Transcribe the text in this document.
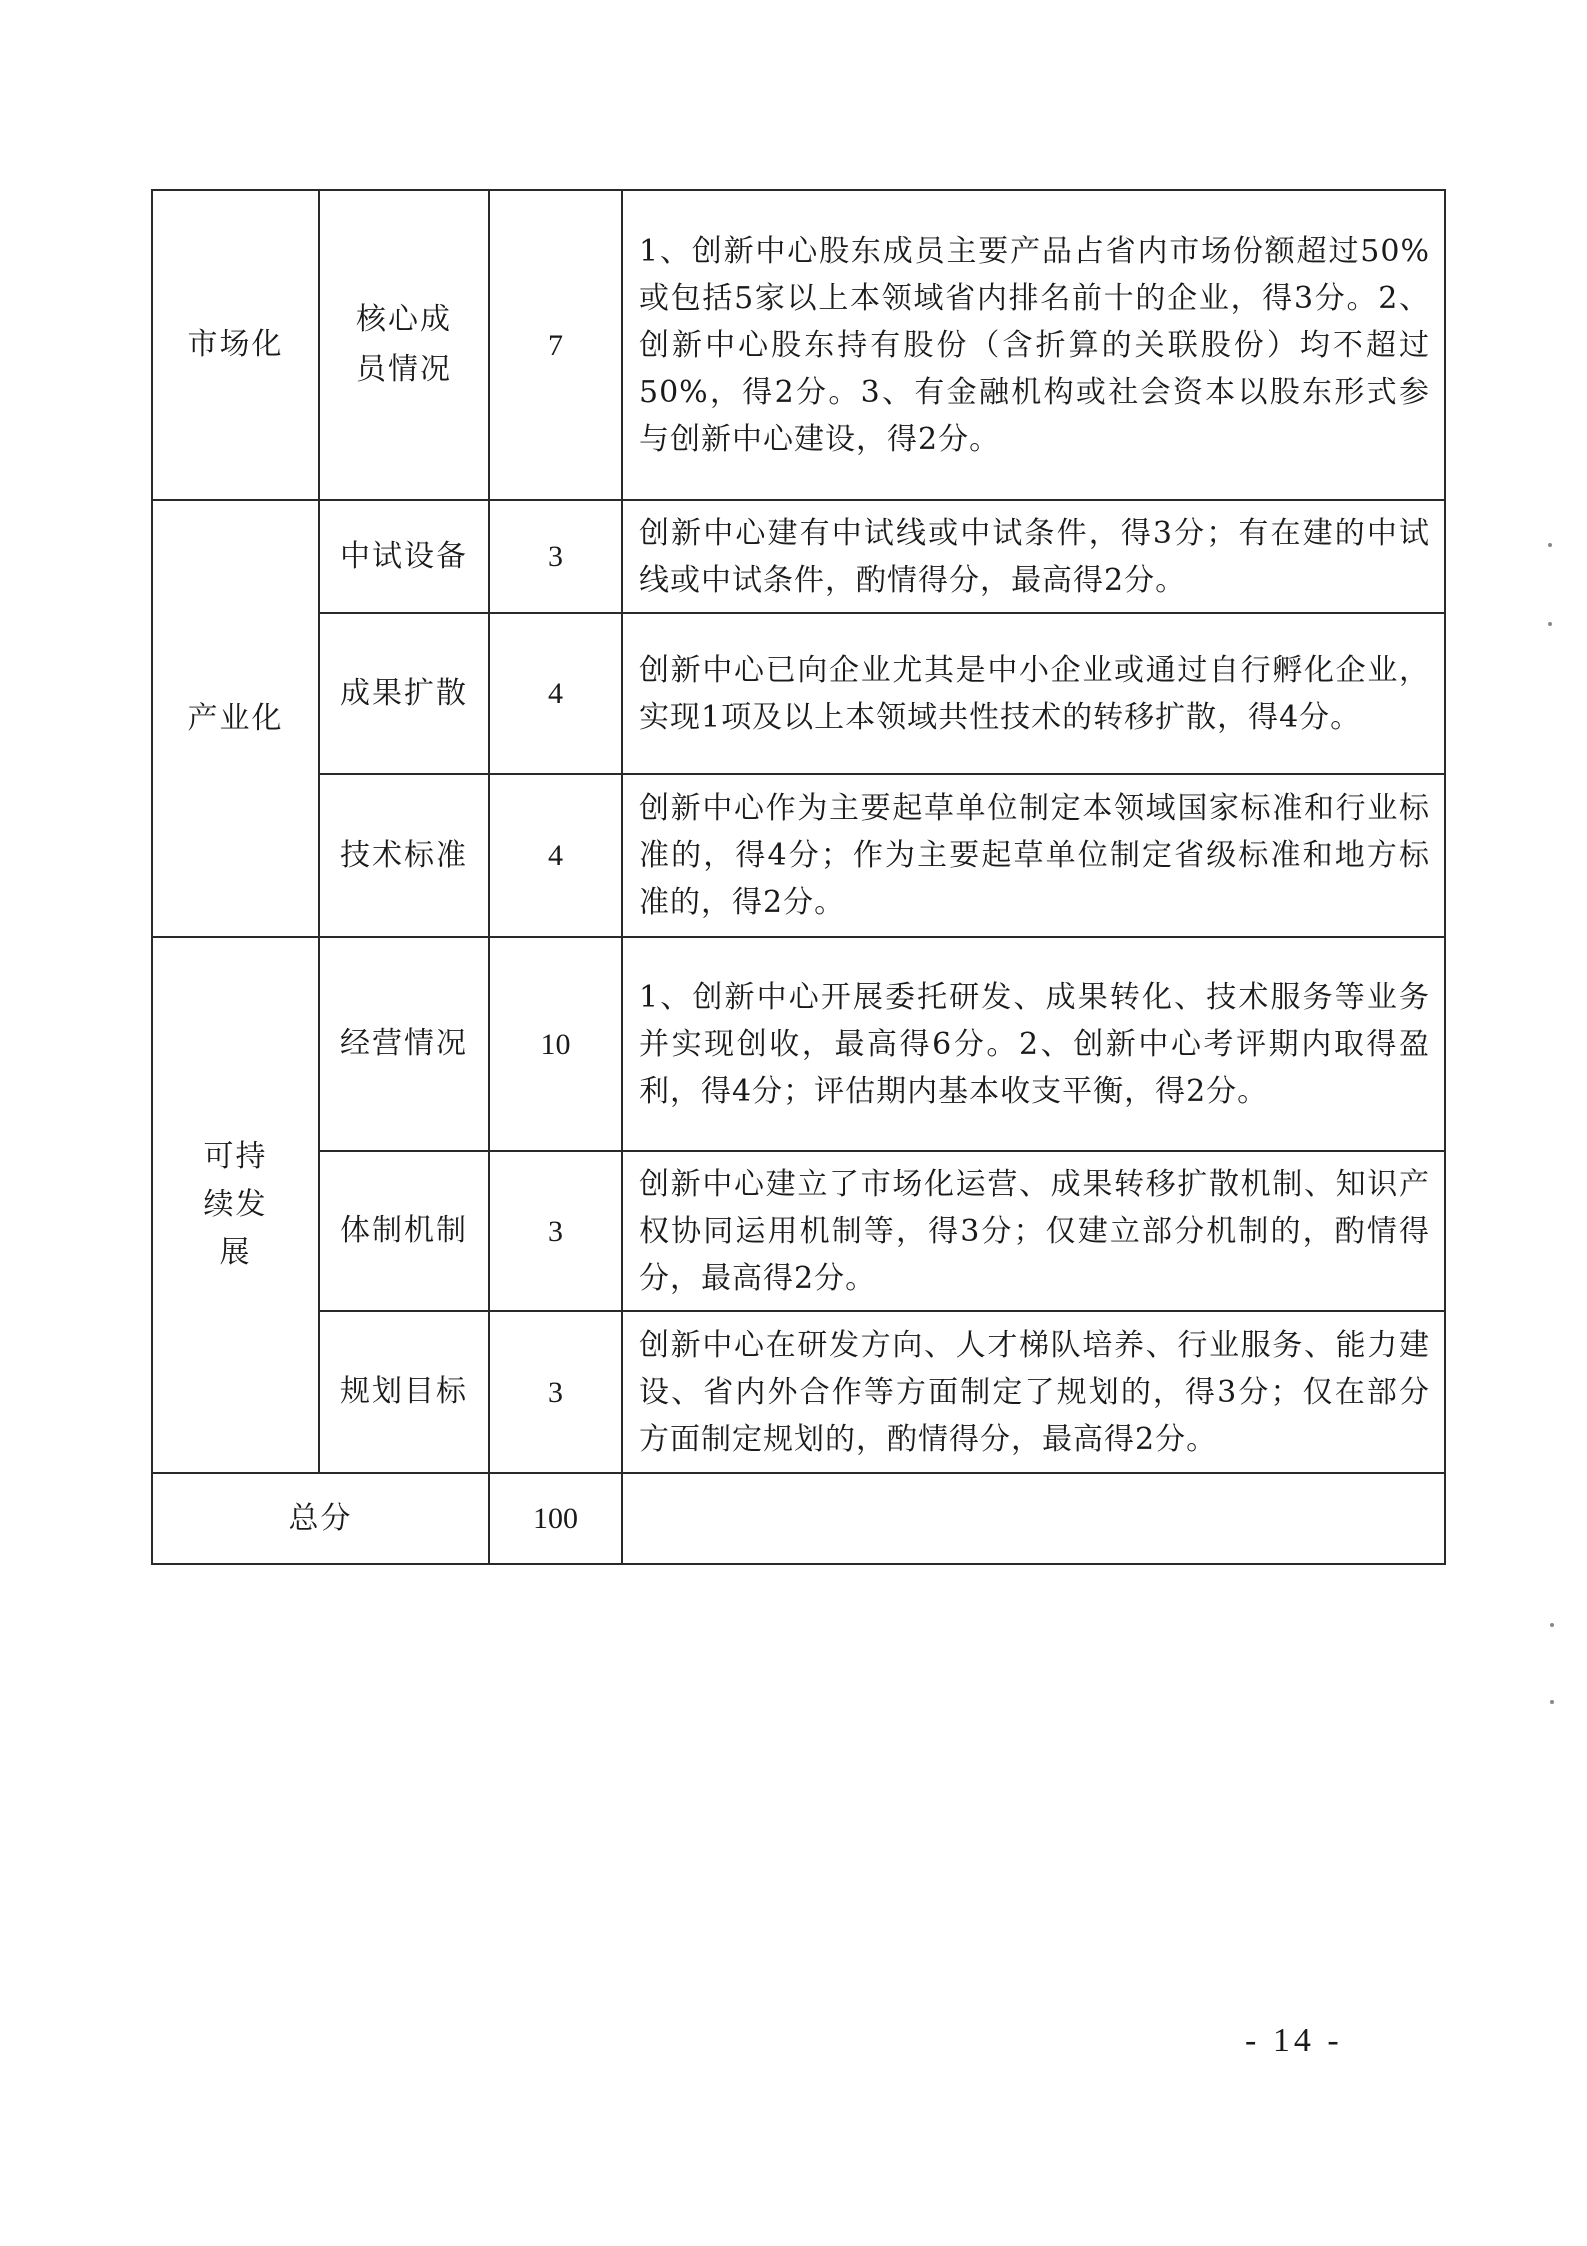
市场化	核心成员情况	7	1、创新中心股东成员主要产品占省内市场份额超过50%或包括5家以上本领域省内排名前十的企业，得3分。2、创新中心股东持有股份（含折算的关联股份）均不超过50%，得2分。3、有金融机构或社会资本以股东形式参与创新中心建设，得2分。

产业化	中试设备	3	创新中心建有中试线或中试条件，得3分；有在建的中试线或中试条件，酌情得分，最高得2分。

	成果扩散	4	创新中心已向企业尤其是中小企业或通过自行孵化企业，实现1项及以上本领域共性技术的转移扩散，得4分。

	技术标准	4	创新中心作为主要起草单位制定本领域国家标准和行业标准的，得4分；作为主要起草单位制定省级标准和地方标准的，得2分。

可持续发展	经营情况	10	1、创新中心开展委托研发、成果转化、技术服务等业务并实现创收，最高得6分。2、创新中心考评期内取得盈利，得4分；评估期内基本收支平衡，得2分。

	体制机制	3	创新中心建立了市场化运营、成果转移扩散机制、知识产权协同运用机制等，得3分；仅建立部分机制的，酌情得分，最高得2分。

	规划目标	3	创新中心在研发方向、人才梯队培养、行业服务、能力建设、省内外合作等方面制定了规划的，得3分；仅在部分方面制定规划的，酌情得分，最高得2分。

总分		100	
- 14 -
